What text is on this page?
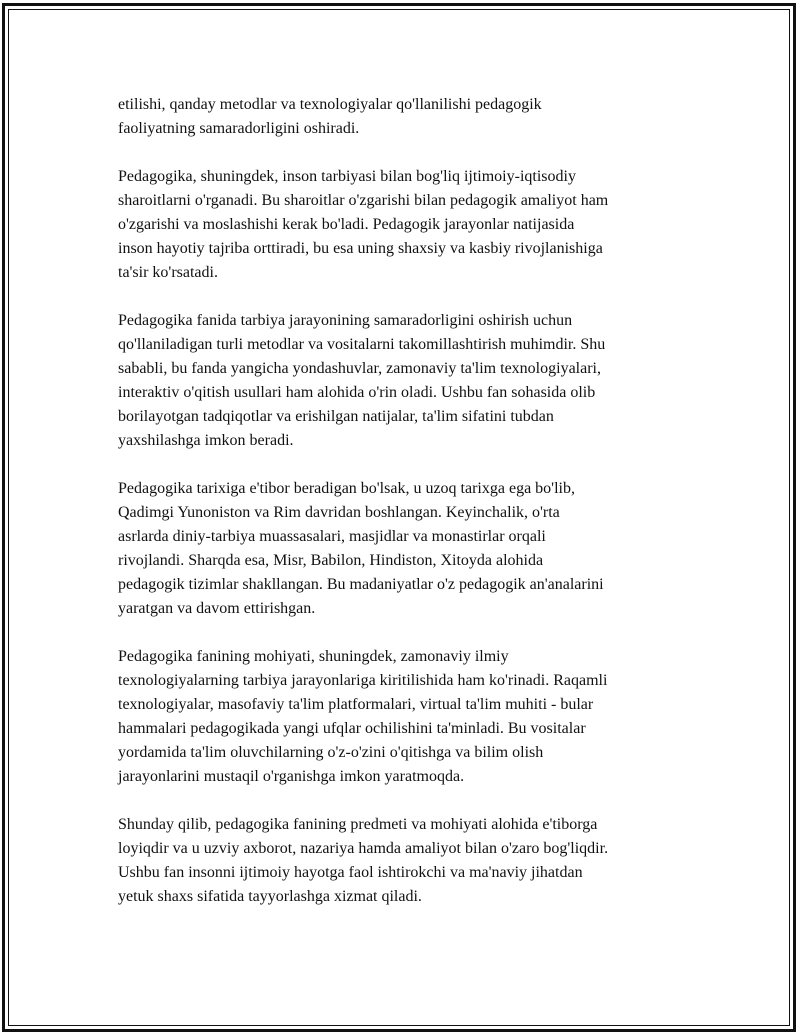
etilishi, qanday metodlar va texnologiyalar qo'llanilishi pedagogik
faoliyatning samaradorligini oshiradi.

Pedagogika, shuningdek, inson tarbiyasi bilan bog'liq ijtimoiy-iqtisodiy
sharoitlarni o'rganadi. Bu sharoitlar o'zgarishi bilan pedagogik amaliyot ham
o'zgarishi va moslashishi kerak bo'ladi. Pedagogik jarayonlar natijasida
inson hayotiy tajriba orttiradi, bu esa uning shaxsiy va kasbiy rivojlanishiga
ta'sir ko'rsatadi.

Pedagogika fanida tarbiya jarayonining samaradorligini oshirish uchun
qo'llaniladigan turli metodlar va vositalarni takomillashtirish muhimdir. Shu
sababli, bu fanda yangicha yondashuvlar, zamonaviy ta'lim texnologiyalari,
interaktiv o'qitish usullari ham alohida o'rin oladi. Ushbu fan sohasida olib
borilayotgan tadqiqotlar va erishilgan natijalar, ta'lim sifatini tubdan
yaxshilashga imkon beradi.

Pedagogika tarixiga e'tibor beradigan bo'lsak, u uzoq tarixga ega bo'lib,
Qadimgi Yunoniston va Rim davridan boshlangan. Keyinchalik, o'rta
asrlarda diniy-tarbiya muassasalari, masjidlar va monastirlar orqali
rivojlandi. Sharqda esa, Misr, Babilon, Hindiston, Xitoyda alohida
pedagogik tizimlar shakllangan. Bu madaniyatlar o'z pedagogik an'analarini
yaratgan va davom ettirishgan.

Pedagogika fanining mohiyati, shuningdek, zamonaviy ilmiy
texnologiyalarning tarbiya jarayonlariga kiritilishida ham ko'rinadi. Raqamli
texnologiyalar, masofaviy ta'lim platformalari, virtual ta'lim muhiti - bular
hammalari pedagogikada yangi ufqlar ochilishini ta'minladi. Bu vositalar
yordamida ta'lim oluvchilarning o'z-o'zini o'qitishga va bilim olish
jarayonlarini mustaqil o'rganishga imkon yaratmoqda.

Shunday qilib, pedagogika fanining predmeti va mohiyati alohida e'tiborga
loyiqdir va u uzviy axborot, nazariya hamda amaliyot bilan o'zaro bog'liqdir.
Ushbu fan insonni ijtimoiy hayotga faol ishtirokchi va ma'naviy jihatdan
yetuk shaxs sifatida tayyorlashga xizmat qiladi.
